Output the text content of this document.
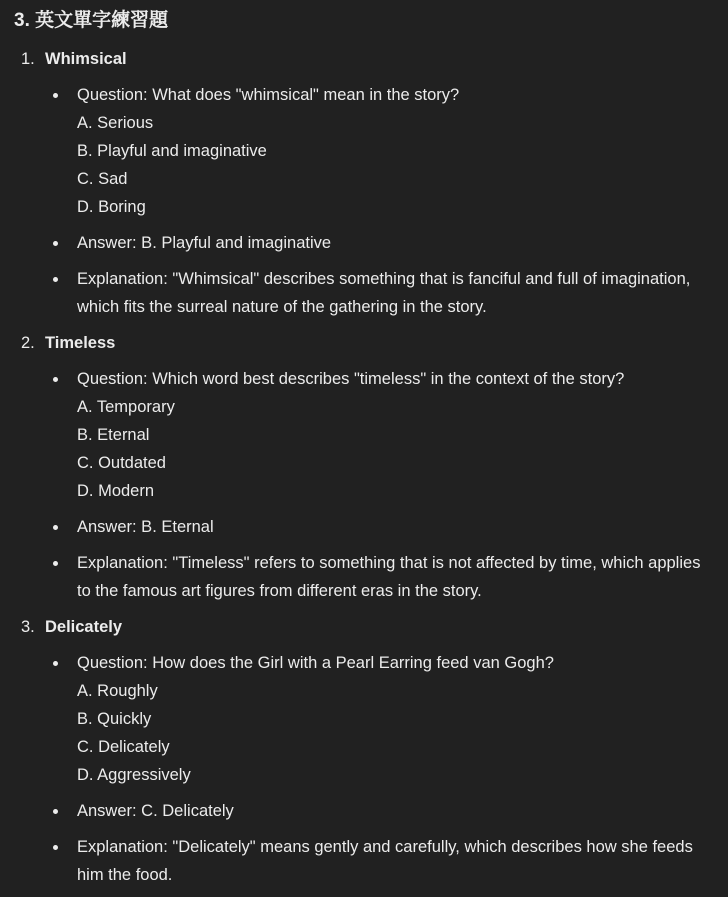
3. 英文單字練習題
1. Whimsical
Question: What does "whimsical" mean in the story?
A. Serious
B. Playful and imaginative
C. Sad
D. Boring
Answer: B. Playful and imaginative
Explanation: "Whimsical" describes something that is fanciful and full of imagination, which fits the surreal nature of the gathering in the story.
2. Timeless
Question: Which word best describes "timeless" in the context of the story?
A. Temporary
B. Eternal
C. Outdated
D. Modern
Answer: B. Eternal
Explanation: "Timeless" refers to something that is not affected by time, which applies to the famous art figures from different eras in the story.
3. Delicately
Question: How does the Girl with a Pearl Earring feed van Gogh?
A. Roughly
B. Quickly
C. Delicately
D. Aggressively
Answer: C. Delicately
Explanation: "Delicately" means gently and carefully, which describes how she feeds him the food.
